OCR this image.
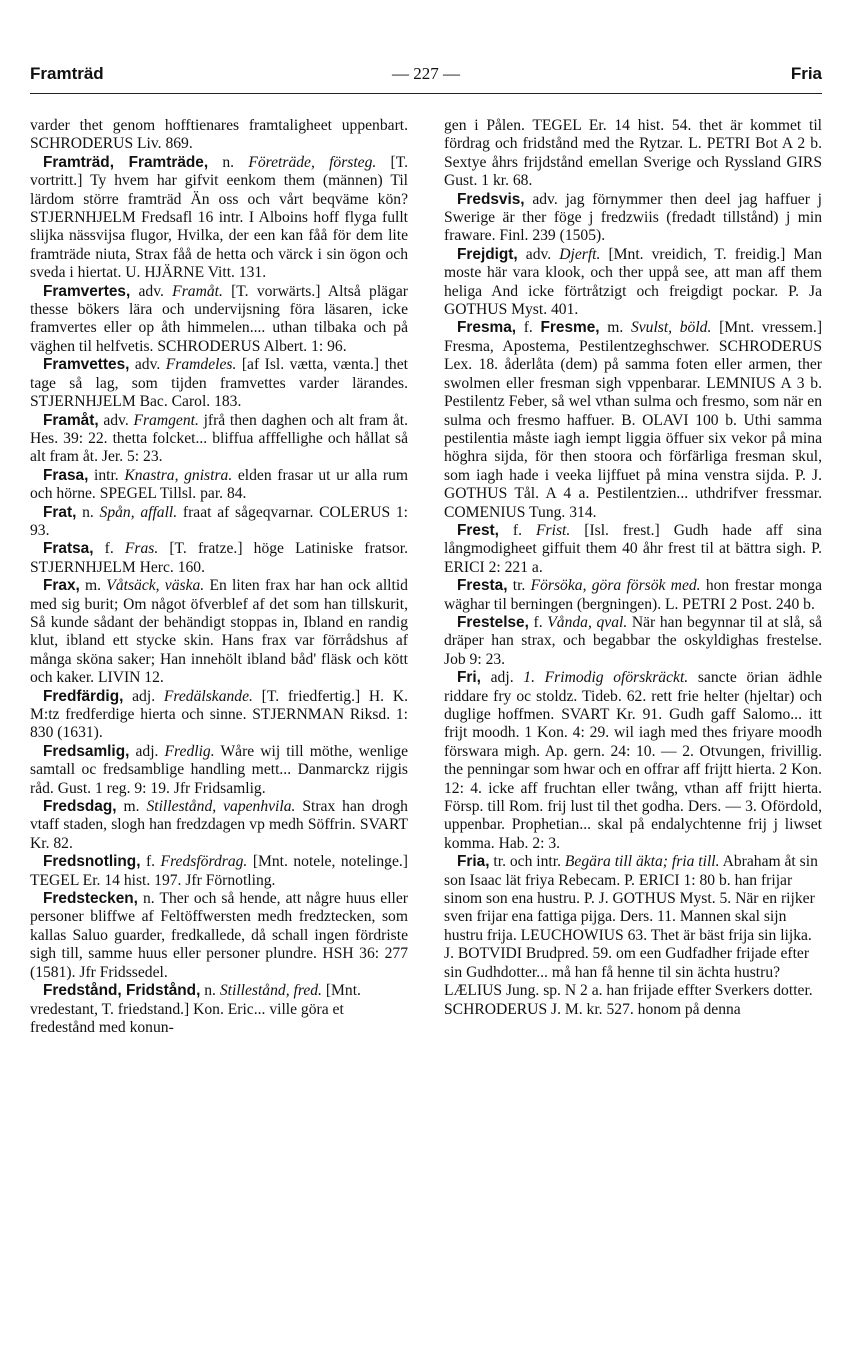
Framträd	— 227 —	Fria

varder thet genom hofftienares framtaligheet uppenbart. SCHRODERUS Liv. 869.

Framträd, Framträde, n. Företräde, försteg. [T. vortritt.] Ty hvem har gifvit eenkom them (männen) Til lärdom större framträd Än oss och vårt beqväme kön? STJERNHJELM Fredsafl 16 intr. I Alboins hoff flyga fullt slijka nässvijsa flugor, Hvilka, der een kan fåå för dem lite framträde niuta, Strax fåå de hetta och värck i sin ögon och sveda i hiertat. U. HJÄRNE Vitt. 131.

Framvertes, adv. Framåt. [T. vorwärts.] Altså plägar thesse bökers lära och undervijsning föra läsaren, icke framvertes eller op åth himmelen.... uthan tilbaka och på väghen til helfvetis. SCHRODERUS Albert. 1: 96.

Framvettes, adv. Framdeles. [af Isl. vætta, vænta.] thet tage så lag, som tijden framvettes varder lärandes. STJERNHJELM Bac. Carol. 183.

Framåt, adv. Framgent. jfrå then daghen och alt fram åt. Hes. 39: 22. thetta folcket... bliffua afffellighe och hållat så alt fram åt. Jer. 5: 23.

Frasa, intr. Knastra, gnistra. elden frasar ut ur alla rum och hörne. SPEGEL Tillsl. par. 84.

Frat, n. Spån, affall. fraat af sågeqvarnar. COLERUS 1: 93.

Fratsa, f. Fras. [T. fratze.] höge Latiniske fratsor. STJERNHJELM Herc. 160.

Frax, m. Våtsäck, väska. En liten frax har han ock alltid med sig burit; Om något öfverblef af det som han tillskurit, Så kunde sådant der behändigt stoppas in, Ibland en randig klut, ibland ett stycke skin. Hans frax var förrådshus af många sköna saker; Han innehölt ibland båd' fläsk och kött och kaker. LIVIN 12.

Fredfärdig, adj. Fredälskande. [T. friedfertig.] H. K. M:tz fredferdige hierta och sinne. STJERNMAN Riksd. 1: 830 (1631).

Fredsamlig, adj. Fredlig. Wåre wij till möthe, wenlige samtall oc fredsamblige handling mett... Danmarckz rijgis råd. Gust. 1 reg. 9: 19. Jfr Fridsamlig.

Fredsdag, m. Stillestånd, vapenhvila. Strax han drogh vtaff staden, slogh han fredzdagen vp medh Söffrin. SVART Kr. 82.

Fredsnotling, f. Fredsfördrag. [Mnt. notele, notelinge.] TEGEL Er. 14 hist. 197. Jfr Förnotling.

Fredstecken, n. Ther och så hende, att någre huus eller personer bliffwe af Feltöffwersten medh fredztecken, som kallas Saluo guarder, fredkallede, då schall ingen fördriste sigh till, samme huus eller personer plundre. HSH 36: 277 (1581). Jfr Fridssedel.

Fredstånd, Fridstånd, n. Stillestånd, fred. [Mnt. vredestant, T. friedstand.] Kon. Eric... ville göra et fredestånd med konun-

gen i Pålen. TEGEL Er. 14 hist. 54. thet är kommet til fördrag och fridstånd med the Rytzar. L. PETRI Bot A 2 b. Sextye åhrs frijdstånd emellan Sverige och Ryssland GIRS Gust. 1 kr. 68.

Fredsvis, adv. jag förnymmer then deel jag haffuer j Swerige är ther föge j fredzwiis (fredadt tillstånd) j min fraware. Finl. 239 (1505).

Frejdigt, adv. Djerft. [Mnt. vreidich, T. freidig.] Man moste här vara klook, och ther uppå see, att man aff them heliga And icke förtråtzigt och freigdigt pockar. P. Ja GOTHUS Myst. 401.

Fresma, f. Fresme, m. Svulst, böld. [Mnt. vressem.] Fresma, Apostema, Pestilentzeghschwer. SCHRODERUS Lex. 18. åderlåta (dem) på samma foten eller armen, ther swolmen eller fresman sigh vppenbarar. LEMNIUS A 3 b. Pestilentz Feber, så wel vthan sulma och fresmo, som när en sulma och fresmo haffuer. B. OLAVI 100 b. Uthi samma pestilentia måste iagh iempt liggia öffuer six vekor på mina höghra sijda, för then stoora och förfärliga fresman skul, som iagh hade i veeka lijffuet på mina venstra sijda. P. J. GOTHUS Tål. A 4 a. Pestilentzien... uthdrifver fressmar. COMENIUS Tung. 314.

Frest, f. Frist. [Isl. frest.] Gudh hade aff sina långmodigheet giffuit them 40 åhr frest til at bättra sigh. P. ERICI 2: 221 a.

Fresta, tr. Försöka, göra försök med. hon frestar monga wäghar til berningen (bergningen). L. PETRI 2 Post. 240 b.

Frestelse, f. Vånda, qval. När han begynnar til at slå, så dräper han strax, och begabbar the oskyldighas frestelse. Job 9: 23.

Fri, adj. 1. Frimodig oförskräckt. sancte örian ädhle riddare fry oc stoldz. Tideb. 62. rett frie helter (hjeltar) och duglige hoffmen. SVART Kr. 91. Gudh gaff Salomo... itt frijt moodh. 1 Kon. 4: 29. wil iagh med thes friyare moodh förswara migh. Ap. gern. 24: 10. — 2. Otvungen, frivillig. the penningar som hwar och en offrar aff frijtt hierta. 2 Kon. 12: 4. icke aff fruchtan eller twång, vthan aff frijtt hierta. Försp. till Rom. frij lust til thet godha. Ders. — 3. Ofördold, uppenbar. Prophetian... skal på endalychtenne frij j liwset komma. Hab. 2: 3.

Fria, tr. och intr. Begära till äkta; fria till. Abraham åt sin son Isaac lät friya Rebecam. P. ERICI 1: 80 b. han frijar sinom son ena hustru. P. J. GOTHUS Myst. 5. När en rijker sven frijar ena fattiga pijga. Ders. 11. Mannen skal sijn hustru frija. LEUCHOWIUS 63. Thet är bäst frija sin lijka. J. BOTVIDI Brudpred. 59. om een Gudfadher frijade efter sin Gudhdotter... må han få henne til sin ächta hustru? LÆLIUS Jung. sp. N 2 a. han frijade effter Sverkers dotter. SCHRODERUS J. M. kr. 527. honom på denna
